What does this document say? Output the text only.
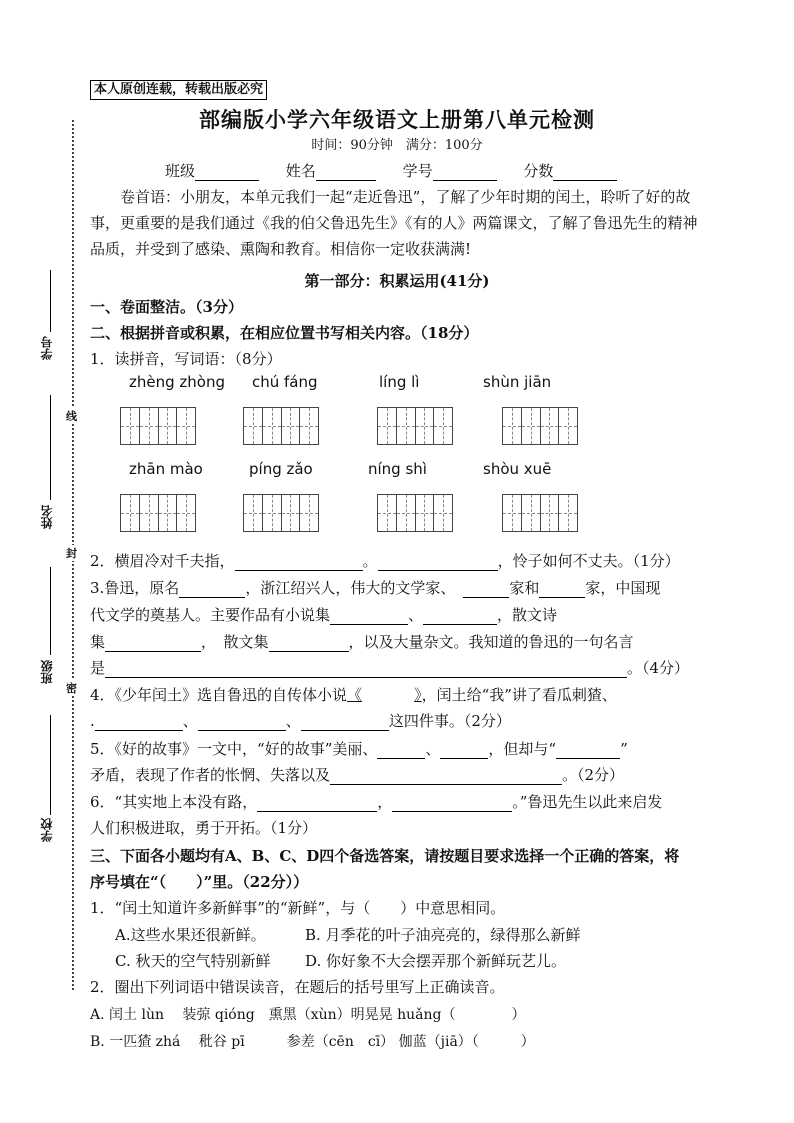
学号
姓名
班级
学校
线
封
密
本人原创连载，转载出版必究
部编版小学六年级语文上册第八单元检测
时间：90分钟　满分：100分
班级	姓名	学号	分数
卷首语：小朋友，本单元我们一起“走近鲁迅”，了解了少年时期的闰土，聆听了好的故事，更重要的是我们通过《我的伯父鲁迅先生》《有的人》两篇课文，了解了鲁迅先生的精神品质，并受到了感染、熏陶和教育。相信你一定收获满满!
第一部分：积累运用(41分)
一、卷面整洁。（3分）
二、根据拼音或积累，在相应位置书写相关内容。（18分）
1．读拼音，写词语：（8分）
zhèng zhòng chú fáng	líng lì	shùn jiān
zhān mào	píng zǎo	níng shì	shòu xuē
2．横眉冷对千夫指，	。	，怜子如何不丈夫。（1分）
3.鲁迅，原名	，浙江绍兴人，伟大的文学家、	家和	家，中国现
代文学的奠基人。主要作品有小说集	、	，散文诗
集	，　散文集	，以及大量杂文。我知道的鲁迅的一句名言
是	。（4分）
4．《少年闰土》选自鲁迅的自传体小说《	》，闰土给“我”讲了看瓜刺猹、
.	、	、	这四件事。（2分）
5．《好的故事》一文中，“好的故事”美丽、	、	，但却与“	”
矛盾，表现了作者的怅惘、失落以及	。（2分）
6．“其实地上本没有路，	，	。”鲁迅先生以此来启发
人们积极进取，勇于开拓。（1分）
三、下面各小题均有A、B、C、D四个备选答案，请按题目要求选择一个正确的答案，将
序号填在“（　　）”里。（22分））
1．“闰土知道许多新鲜事”的“新鲜”，与（　　）中意思相同。
A.这些水果还很新鲜。	B. 月季花的叶子油亮亮的，绿得那么新鲜
C. 秋天的空气特别新鲜 D. 你好象不大会摆弄那个新鲜玩艺儿。
2．圈出下列词语中错误读音，在题后的括号里写上正确读音。
A. 闰土 lùn　 装弶 qióng　熏黑（xùn）明晃晃 huǎng（　　　　）
B. 一匹猹 zhá　 秕谷 pī　　　参差（cēn　cī） 伽蓝（jiā）（　　　）
